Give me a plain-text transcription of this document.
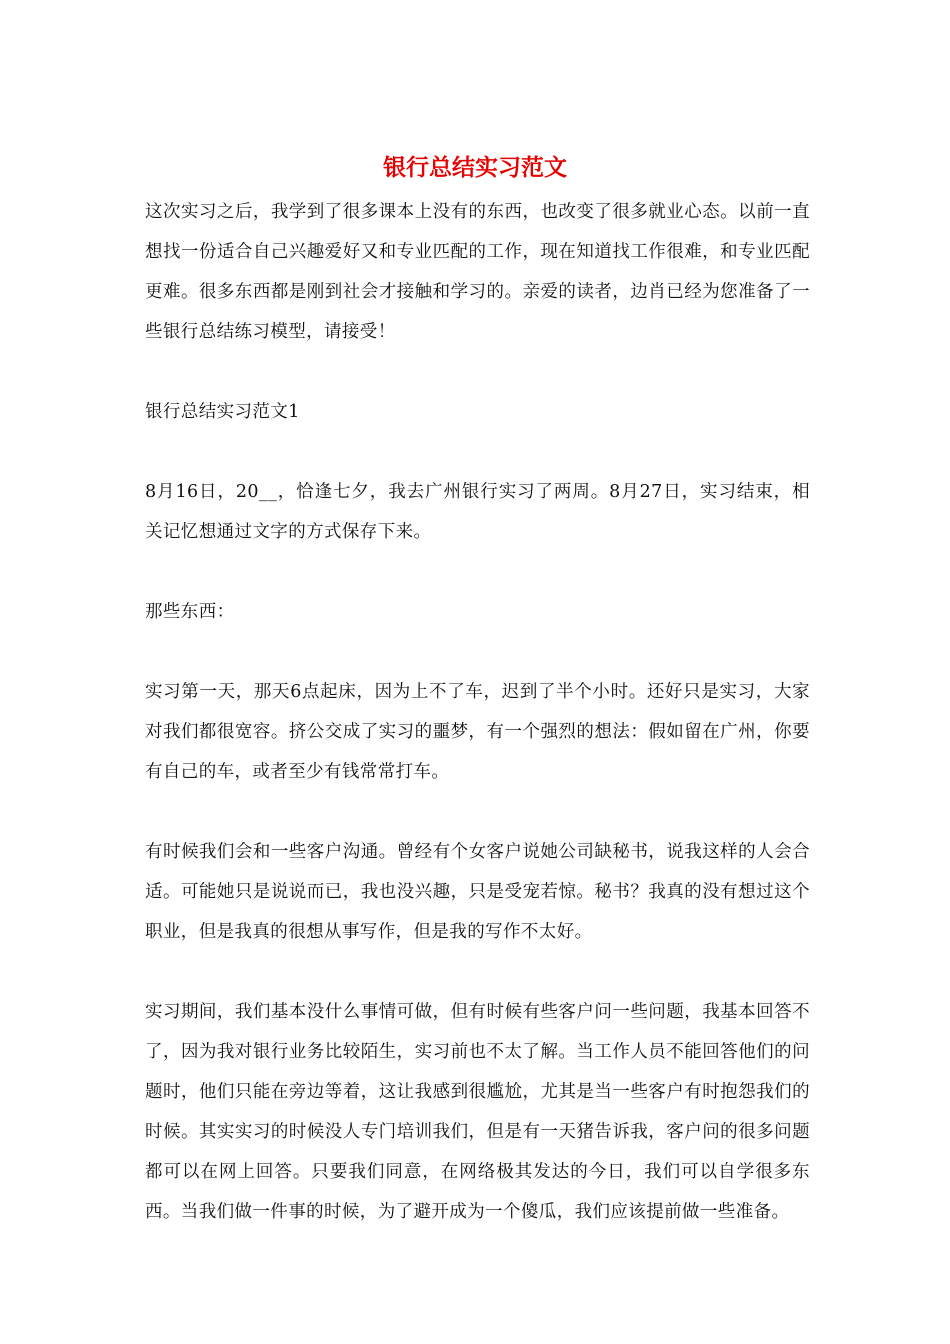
银行总结实习范文

这次实习之后，我学到了很多课本上没有的东西，也改变了很多就业心态。以前一直想找一份适合自己兴趣爱好又和专业匹配的工作，现在知道找工作很难，和专业匹配更难。很多东西都是刚到社会才接触和学习的。亲爱的读者，边肖已经为您准备了一些银行总结练习模型，请接受！

银行总结实习范文1

8月16日，20__，恰逢七夕，我去广州银行实习了两周。8月27日，实习结束，相关记忆想通过文字的方式保存下来。

那些东西：

实习第一天，那天6点起床，因为上不了车，迟到了半个小时。还好只是实习，大家对我们都很宽容。挤公交成了实习的噩梦，有一个强烈的想法：假如留在广州，你要有自己的车，或者至少有钱常常打车。

有时候我们会和一些客户沟通。曾经有个女客户说她公司缺秘书，说我这样的人会合适。可能她只是说说而已，我也没兴趣，只是受宠若惊。秘书？我真的没有想过这个职业，但是我真的很想从事写作，但是我的写作不太好。

实习期间，我们基本没什么事情可做，但有时候有些客户问一些问题，我基本回答不了，因为我对银行业务比较陌生，实习前也不太了解。当工作人员不能回答他们的问题时，他们只能在旁边等着，这让我感到很尴尬，尤其是当一些客户有时抱怨我们的时候。其实实习的时候没人专门培训我们，但是有一天猪告诉我，客户问的很多问题都可以在网上回答。只要我们同意，在网络极其发达的今日，我们可以自学很多东西。当我们做一件事的时候，为了避开成为一个傻瓜，我们应该提前做一些准备。
